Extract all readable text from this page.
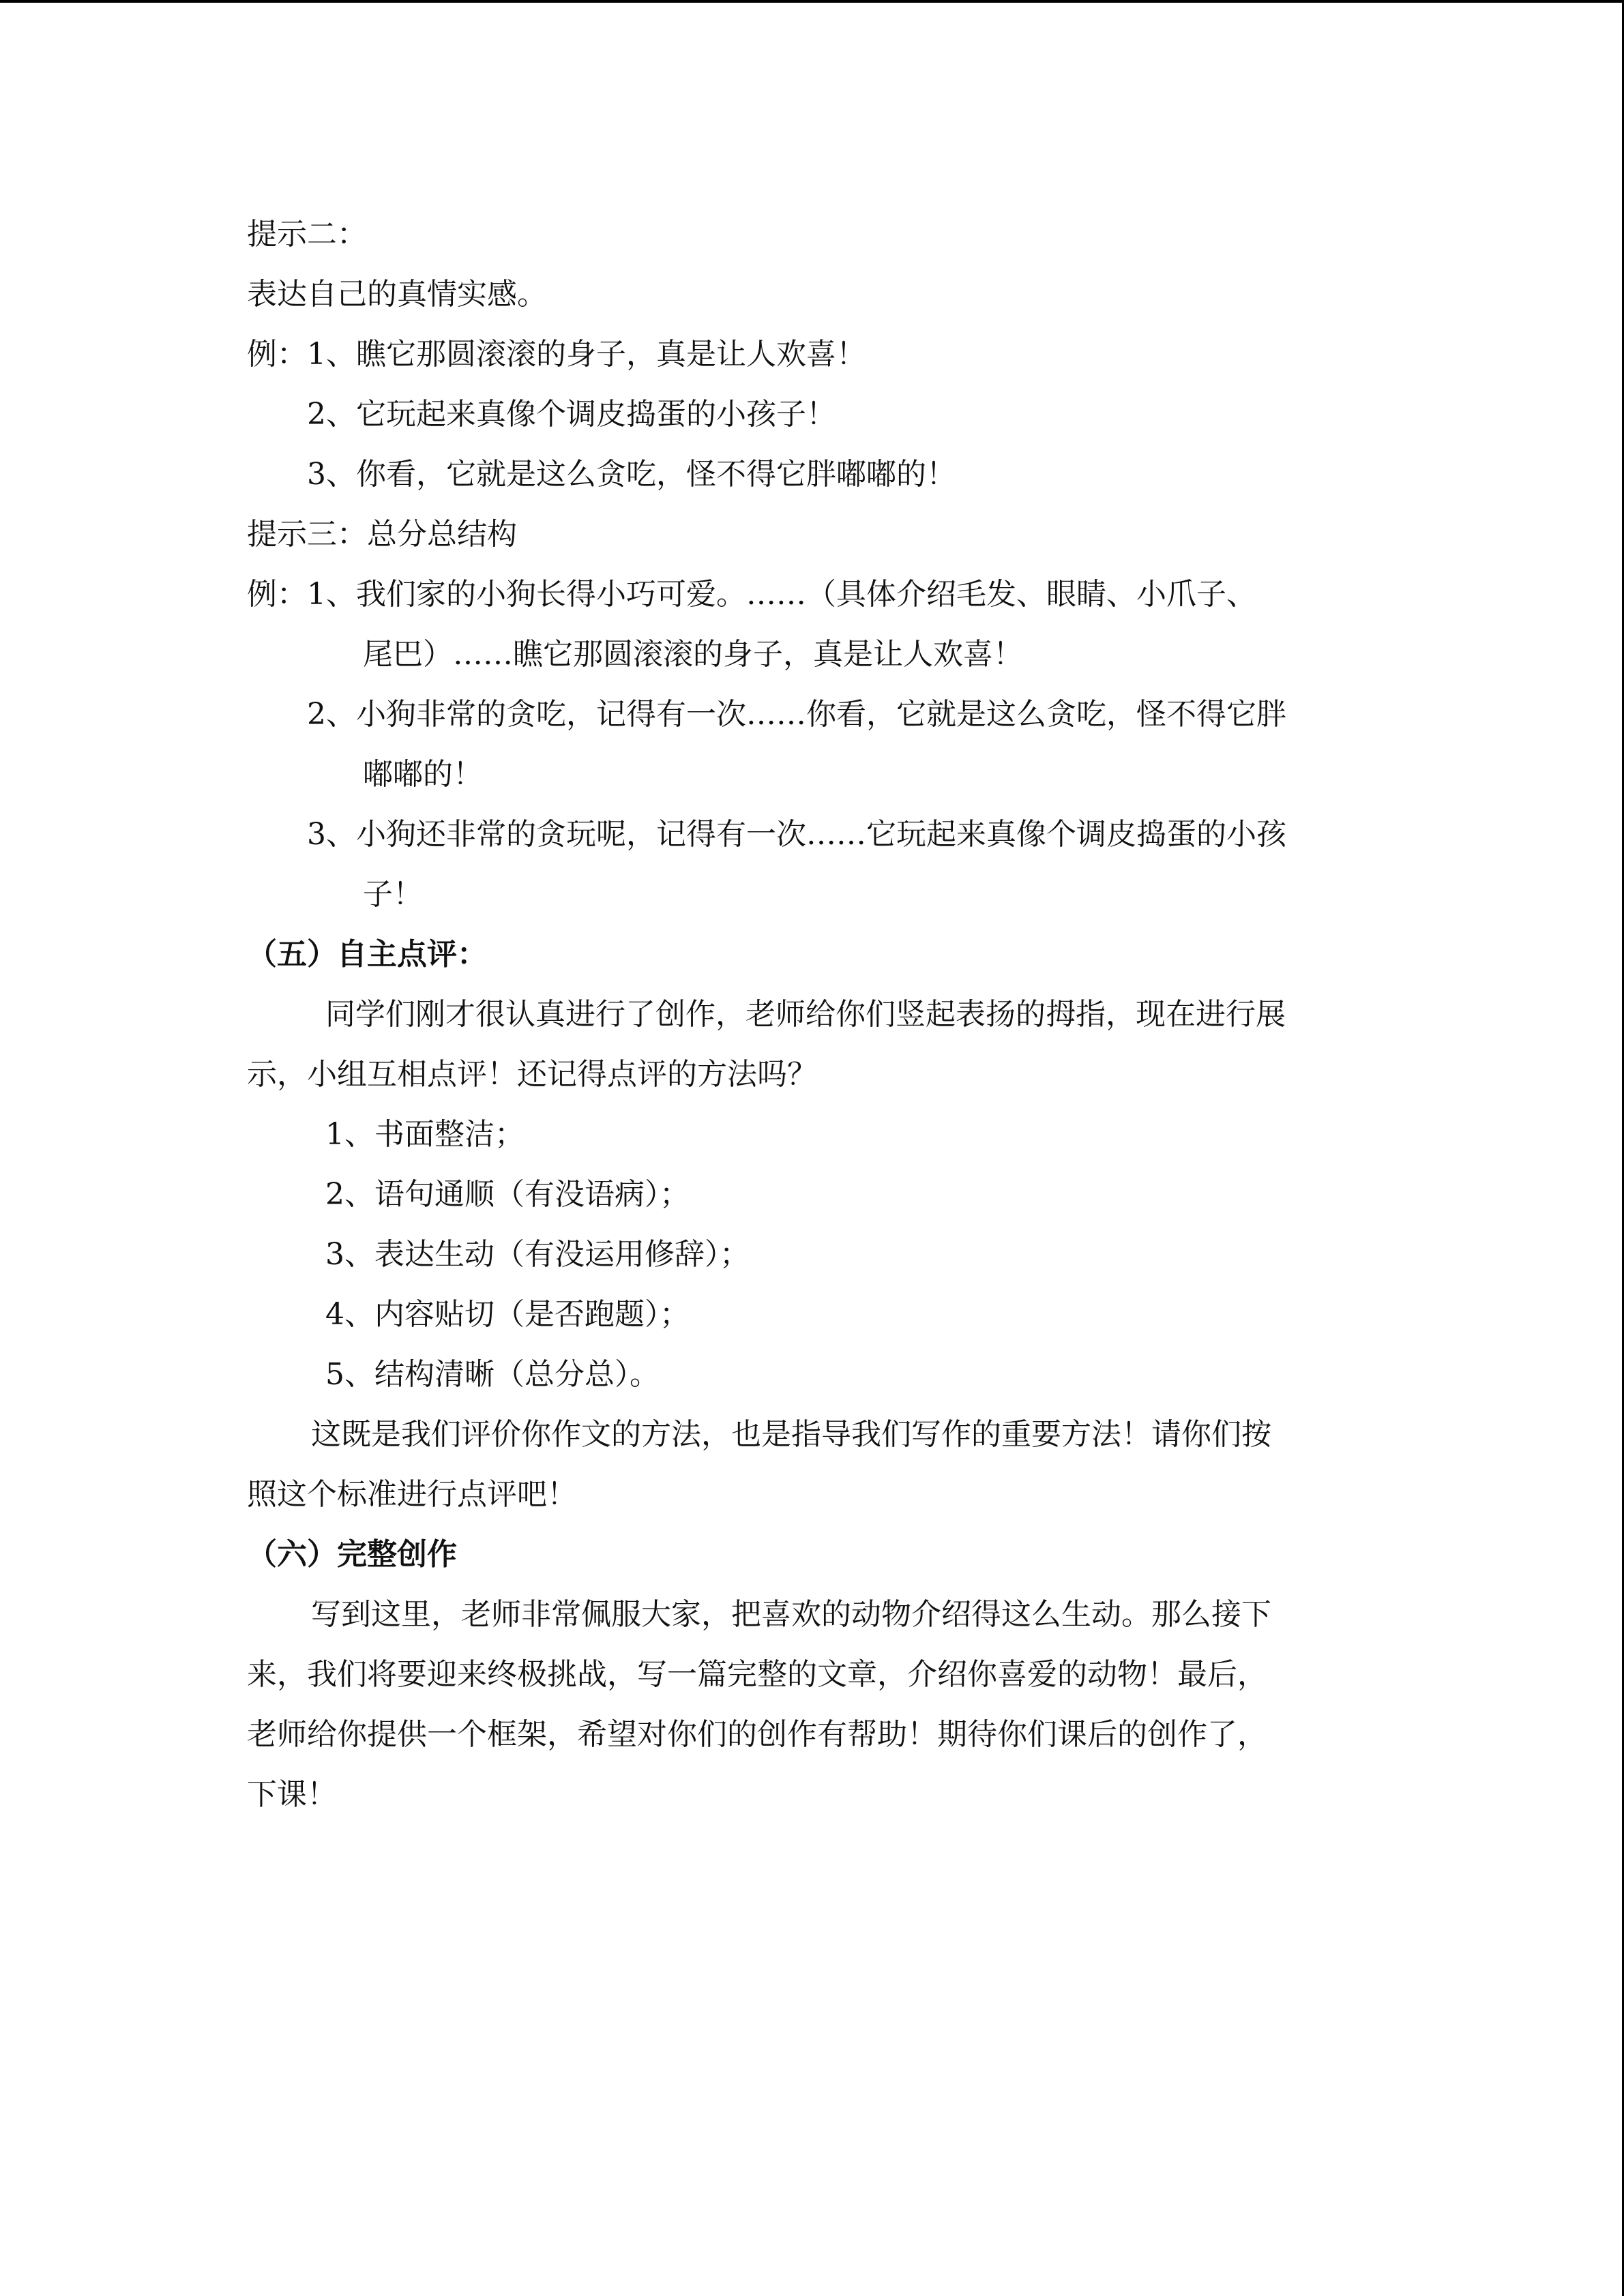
提示二：
表达自己的真情实感。
例：1、瞧它那圆滚滚的身子，真是让人欢喜！
2、它玩起来真像个调皮捣蛋的小孩子！
3、你看，它就是这么贪吃，怪不得它胖嘟嘟的！
提示三：总分总结构
例：1、我们家的小狗长得小巧可爱。……（具体介绍毛发、眼睛、小爪子、
尾巴）……瞧它那圆滚滚的身子，真是让人欢喜！
2、小狗非常的贪吃，记得有一次……你看，它就是这么贪吃，怪不得它胖
嘟嘟的！
3、小狗还非常的贪玩呢，记得有一次……它玩起来真像个调皮捣蛋的小孩
子！
（五）自主点评：
同学们刚才很认真进行了创作，老师给你们竖起表扬的拇指，现在进行展
示，小组互相点评！还记得点评的方法吗？
1、书面整洁；
2、语句通顺（有没语病）；
3、表达生动（有没运用修辞）；
4、内容贴切（是否跑题）；
5、结构清晰（总分总）。
这既是我们评价你作文的方法，也是指导我们写作的重要方法！请你们按
照这个标准进行点评吧！
（六）完整创作
写到这里，老师非常佩服大家，把喜欢的动物介绍得这么生动。那么接下
来，我们将要迎来终极挑战，写一篇完整的文章，介绍你喜爱的动物！最后，
老师给你提供一个框架，希望对你们的创作有帮助！期待你们课后的创作了，
下课！
